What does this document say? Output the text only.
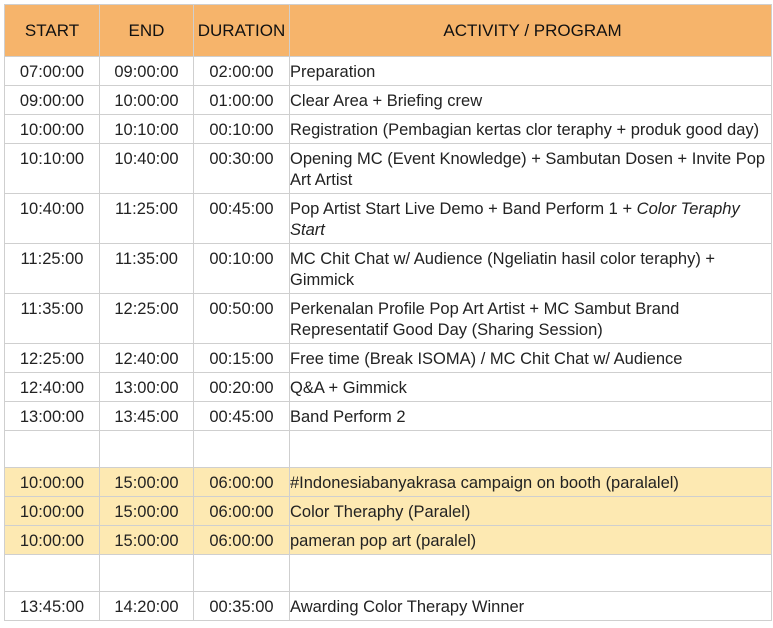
START	END	DURATION	ACTIVITY / PROGRAM
07:00:00	09:00:00	02:00:00	Preparation
09:00:00	10:00:00	01:00:00	Clear Area + Briefing crew
10:00:00	10:10:00	00:10:00	Registration (Pembagian kertas clor teraphy + produk good day)
10:10:00	10:40:00	00:30:00	Opening MC (Event Knowledge) + Sambutan Dosen + Invite Pop Art Artist
10:40:00	11:25:00	00:45:00	Pop Artist Start Live Demo + Band Perform 1 + Color Teraphy Start
11:25:00	11:35:00	00:10:00	MC Chit Chat w/ Audience (Ngeliatin hasil color teraphy) + Gimmick
11:35:00	12:25:00	00:50:00	Perkenalan Profile Pop Art Artist + MC Sambut Brand Representatif Good Day (Sharing Session)
12:25:00	12:40:00	00:15:00	Free time (Break ISOMA) / MC Chit Chat w/ Audience
12:40:00	13:00:00	00:20:00	Q&A + Gimmick
13:00:00	13:45:00	00:45:00	Band Perform 2

10:00:00	15:00:00	06:00:00	#Indonesiabanyakrasa campaign on booth (paralalel)
10:00:00	15:00:00	06:00:00	Color Theraphy (Paralel)
10:00:00	15:00:00	06:00:00	pameran pop art (paralel)

13:45:00	14:20:00	00:35:00	Awarding Color Therapy Winner
